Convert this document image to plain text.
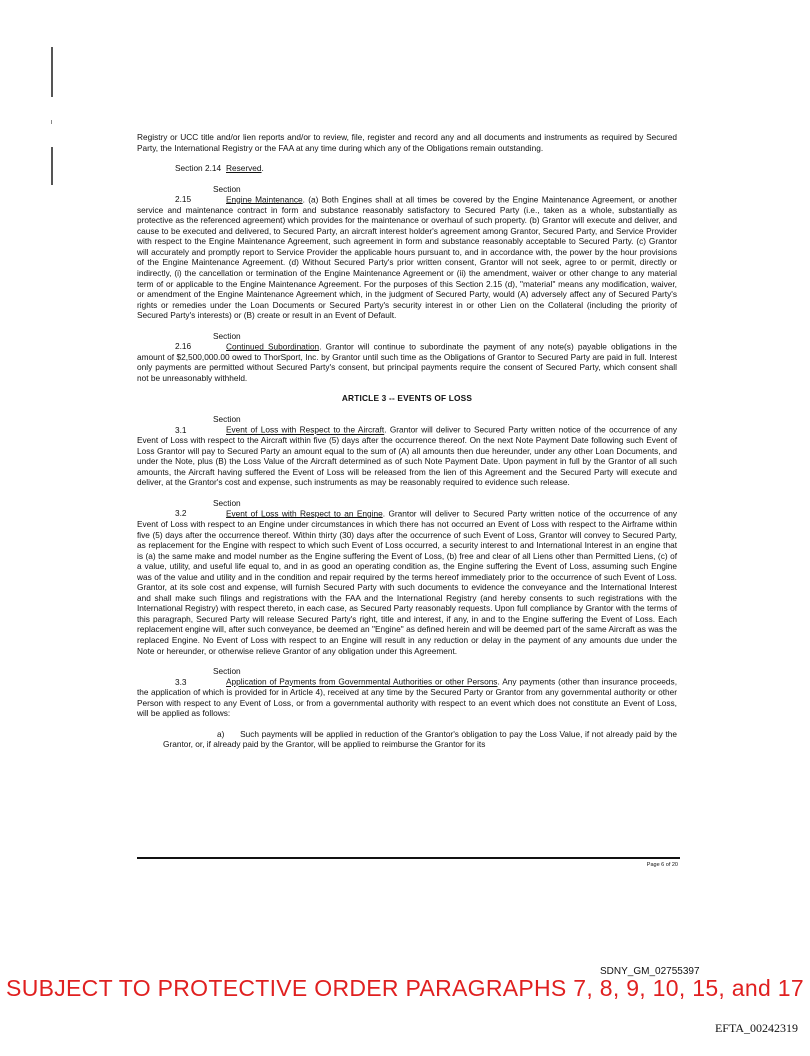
Registry or UCC title and/or lien reports and/or to review, file, register and record any and all documents and instruments as required by Secured Party, the International Registry or the FAA at any time during which any of the Obligations remain outstanding.

Section 2.14 Reserved.

Section 2.15	Engine Maintenance. (a) Both Engines shall at all times be covered by the Engine Maintenance Agreement, or another service and maintenance contract in form and substance reasonably satisfactory to Secured Party (i.e., taken as a whole, substantially as protective as the referenced agreement) which provides for the maintenance or overhaul of such property. (b) Grantor will execute and deliver, and cause to be executed and delivered, to Secured Party, an aircraft interest holder's agreement among Grantor, Secured Party, and Service Provider with respect to the Engine Maintenance Agreement, such agreement in form and substance reasonably acceptable to Secured Party. (c) Grantor will accurately and promptly report to Service Provider the applicable hours pursuant to, and in accordance with, the power by the hour provisions of the Engine Maintenance Agreement. (d) Without Secured Party's prior written consent, Grantor will not seek, agree to or permit, directly or indirectly, (i) the cancellation or termination of the Engine Maintenance Agreement or (ii) the amendment, waiver or other change to any material term of or applicable to the Engine Maintenance Agreement. For the purposes of this Section 2.15 (d), "material" means any modification, waiver, or amendment of the Engine Maintenance Agreement which, in the judgment of Secured Party, would (A) adversely affect any of Secured Party's rights or remedies under the Loan Documents or Secured Party's security interest in or other Lien on the Collateral (including the priority of Secured Party's interests) or (B) create or result in an Event of Default.

Section 2.16	Continued Subordination. Grantor will continue to subordinate the payment of any note(s) payable obligations in the amount of $2,500,000.00 owed to ThorSport, Inc. by Grantor until such time as the Obligations of Grantor to Secured Party are paid in full. Interest only payments are permitted without Secured Party's consent, but principal payments require the consent of Secured Party, which consent shall not be unreasonably withheld.

ARTICLE 3 -- EVENTS OF LOSS

Section 3.1	Event of Loss with Respect to the Aircraft. Grantor will deliver to Secured Party written notice of the occurrence of any Event of Loss with respect to the Aircraft within five (5) days after the occurrence thereof. On the next Note Payment Date following such Event of Loss Grantor will pay to Secured Party an amount equal to the sum of (A) all amounts then due hereunder, under any other Loan Documents, and under the Note, plus (B) the Loss Value of the Aircraft determined as of such Note Payment Date. Upon payment in full by the Grantor of all such amounts, the Aircraft having suffered the Event of Loss will be released from the lien of this Agreement and the Secured Party will execute and deliver, at the Grantor's cost and expense, such instruments as may be reasonably required to evidence such release.

Section 3.2	Event of Loss with Respect to an Engine. Grantor will deliver to Secured Party written notice of the occurrence of any Event of Loss with respect to an Engine under circumstances in which there has not occurred an Event of Loss with respect to the Airframe within five (5) days after the occurrence thereof. Within thirty (30) days after the occurrence of such Event of Loss, Grantor will convey to Secured Party, as replacement for the Engine with respect to which such Event of Loss occurred, a security interest to and International Interest in an engine that is (a) the same make and model number as the Engine suffering the Event of Loss, (b) free and clear of all Liens other than Permitted Liens, (c) of a value, utility, and useful life equal to, and in as good an operating condition as, the Engine suffering the Event of Loss, assuming such Engine was of the value and utility and in the condition and repair required by the terms hereof immediately prior to the occurrence of such Event of Loss. Grantor, at its sole cost and expense, will furnish Secured Party with such documents to evidence the conveyance and the International Interest and shall make such filings and registrations with the FAA and the International Registry (and hereby consents to such registrations with the International Registry) with respect thereto, in each case, as Secured Party reasonably requests. Upon full compliance by Grantor with the terms of this paragraph, Secured Party will release Secured Party's right, title and interest, if any, in and to the Engine suffering the Event of Loss. Each replacement engine will, after such conveyance, be deemed an "Engine" as defined herein and will be deemed part of the same Aircraft as was the replaced Engine. No Event of Loss with respect to an Engine will result in any reduction or delay in the payment of any amounts due under the Note or hereunder, or otherwise relieve Grantor of any obligation under this Agreement.

Section 3.3	Application of Payments from Governmental Authorities or other Persons. Any payments (other than insurance proceeds, the application of which is provided for in Article 4), received at any time by the Secured Party or Grantor from any governmental authority or other Person with respect to any Event of Loss, or from a governmental authority with respect to an event which does not constitute an Event of Loss, will be applied as follows:

a) Such payments will be applied in reduction of the Grantor's obligation to pay the Loss Value, if not already paid by the Grantor, or, if already paid by the Grantor, will be applied to reimburse the Grantor for its

Page 6 of 20
SDNY_GM_02755397
SUBJECT TO PROTECTIVE ORDER PARAGRAPHS 7, 8, 9, 10, 15, and 17
EFTA_00242319
